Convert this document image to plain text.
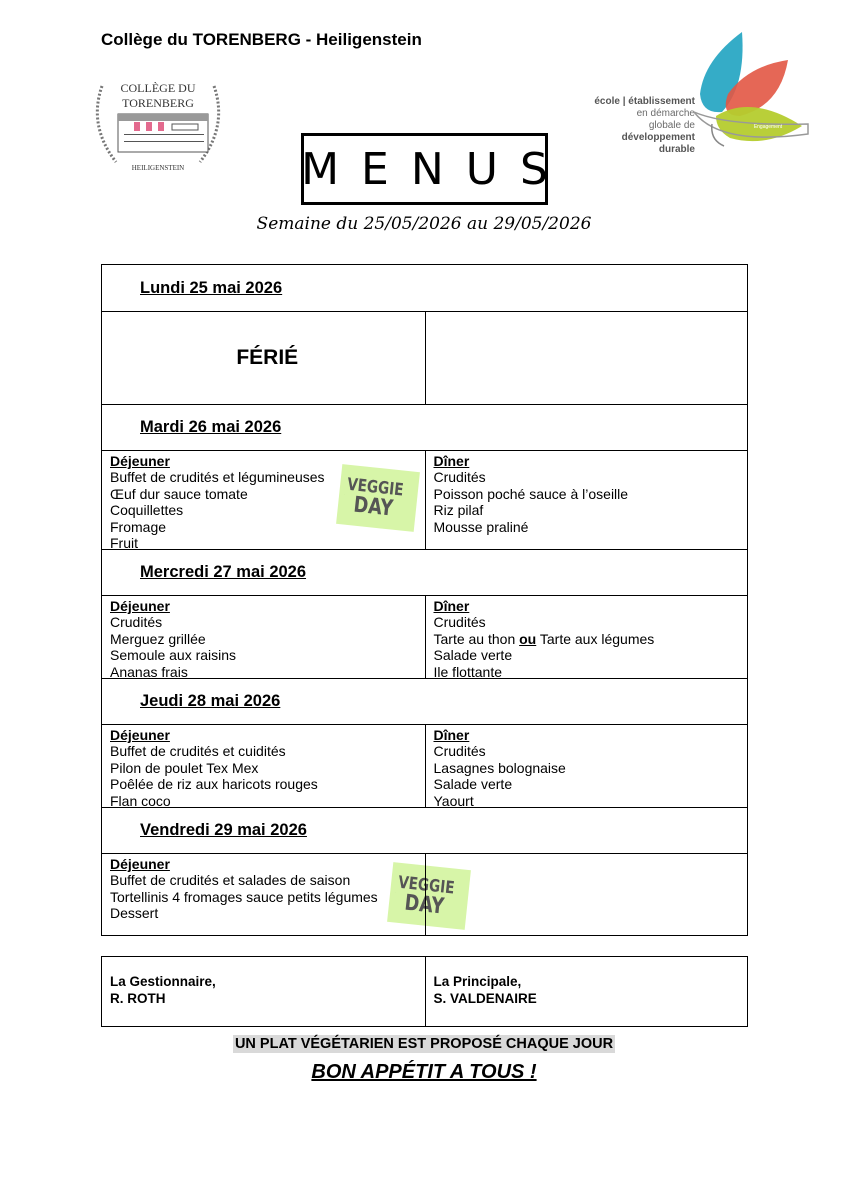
Collège du TORENBERG - Heiligenstein
COLLÈGE DU
TORENBERG
HEILIGENSTEIN
école | établissement
en démarche
globale de
développement
durable
Engagement
MENUS
Semaine du 25/05/2026 au 29/05/2026
Lundi 25 mai 2026
FÉRIÉ
Mardi 26 mai 2026
Déjeuner
Buffet de crudités et légumineuses
Œuf dur sauce tomate
Coquillettes
Fromage
Fruit
VEGGIE
DAY
Dîner
Crudités
Poisson poché sauce à l’oseille
Riz pilaf
Mousse praliné
Mercredi 27 mai 2026
Déjeuner
Crudités
Merguez grillée
Semoule aux raisins
Ananas frais
Dîner
Crudités
Tarte au thon ou Tarte aux légumes
Salade verte
Ile flottante
Jeudi 28 mai 2026
Déjeuner
Buffet de crudités et cuidités
Pilon de poulet Tex Mex
Poêlée de riz aux haricots rouges
Flan coco
Dîner
Crudités
Lasagnes bolognaise
Salade verte
Yaourt
Vendredi 29 mai 2026
Déjeuner
Buffet de crudités et salades de saison
Tortellinis 4 fromages sauce petits légumes
Dessert
VEGGIE
DAY
La Gestionnaire,
R. ROTH
La Principale,
S. VALDENAIRE
UN PLAT VÉGÉTARIEN EST PROPOSÉ CHAQUE JOUR
BON APPÉTIT A TOUS !
